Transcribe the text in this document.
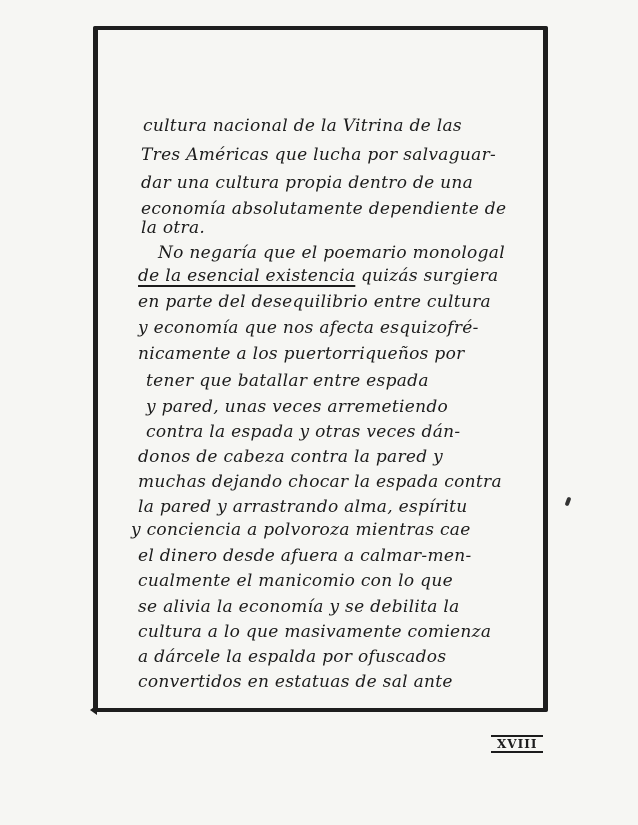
cultura nacional de la Vitrina de las
Tres Américas que lucha por salvaguar-
dar una cultura propia dentro de una
economía absolutamente dependiente de
la otra.
No negaría que el poemario monologal
de la esencial existencia quizás surgiera
en parte del desequilibrio entre cultura
y economía que nos afecta esquizofré-
nicamente a los puertorriqueños por
tener que batallar entre espada
y pared, unas veces arremetiendo
contra la espada y otras veces dán-
donos de cabeza contra la pared y
muchas dejando chocar la espada contra
la pared y arrastrando alma, espíritu
y conciencia a polvoroza mientras cae
el dinero desde afuera a calmar-men-
cualmente el manicomio con lo que
se alivia la economía y se debilita la
cultura a lo que masivamente comienza
a dárcele la espalda por ofuscados
convertidos en estatuas de sal ante
XVIII
